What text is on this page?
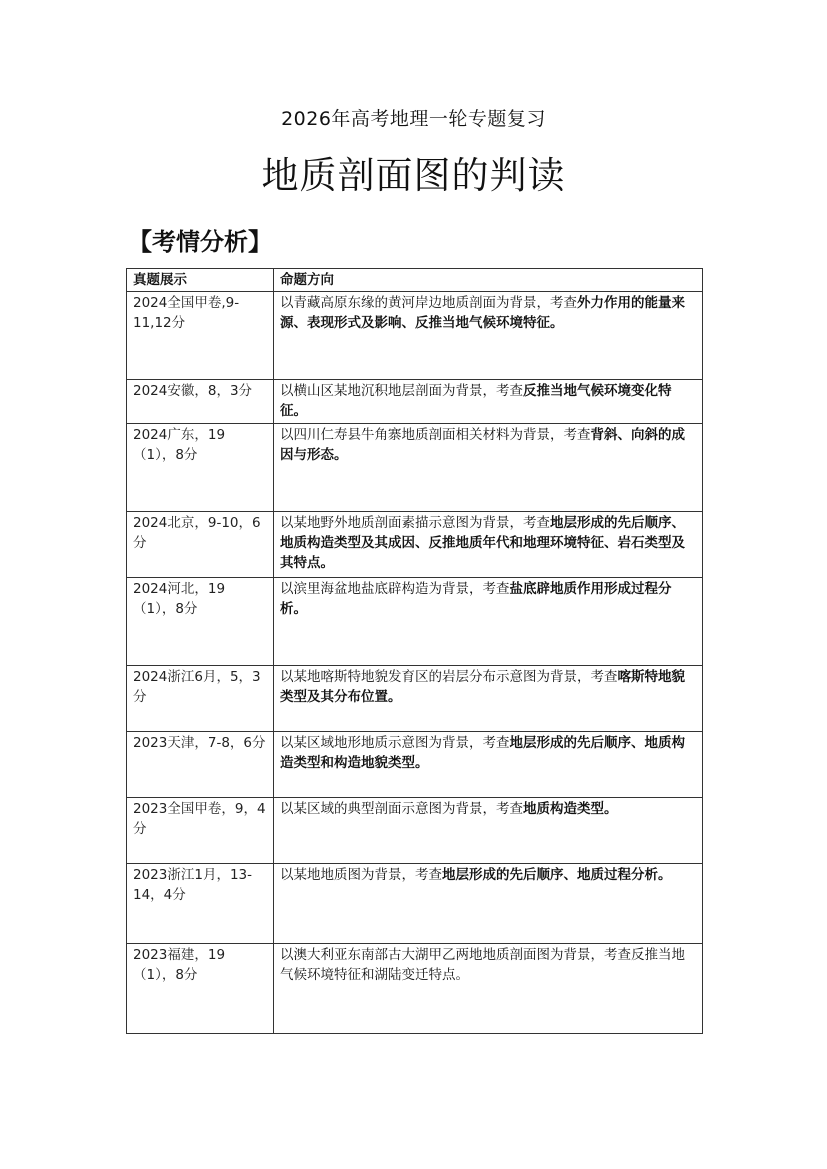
2026年高考地理一轮专题复习
地质剖面图的判读
【考情分析】
真题展示	命题方向
2024全国甲卷,9-11,12分	以青藏高原东缘的黄河岸边地质剖面为背景，考查外力作用的能量来源、表现形式及影响、反推当地气候环境特征。
2024安徽，8，3分	以横山区某地沉积地层剖面为背景，考查反推当地气候环境变化特征。
2024广东，19（1），8分	以四川仁寿县牛角寨地质剖面相关材料为背景，考查背斜、向斜的成因与形态。
2024北京，9-10，6分	以某地野外地质剖面素描示意图为背景，考查地层形成的先后顺序、地质构造类型及其成因、反推地质年代和地理环境特征、岩石类型及其特点。
2024河北，19（1），8分	以滨里海盆地盐底辟构造为背景，考查盐底辟地质作用形成过程分析。
2024浙江6月，5，3分	以某地喀斯特地貌发育区的岩层分布示意图为背景，考查喀斯特地貌类型及其分布位置。
2023天津，7-8，6分	以某区域地形地质示意图为背景，考查地层形成的先后顺序、地质构造类型和构造地貌类型。
2023全国甲卷，9，4分	以某区域的典型剖面示意图为背景，考查地质构造类型。
2023浙江1月，13-14，4分	以某地地质图为背景，考查地层形成的先后顺序、地质过程分析。
2023福建，19（1），8分	以澳大利亚东南部古大湖甲乙两地地质剖面图为背景，考查反推当地气候环境特征和湖陆变迁特点。
